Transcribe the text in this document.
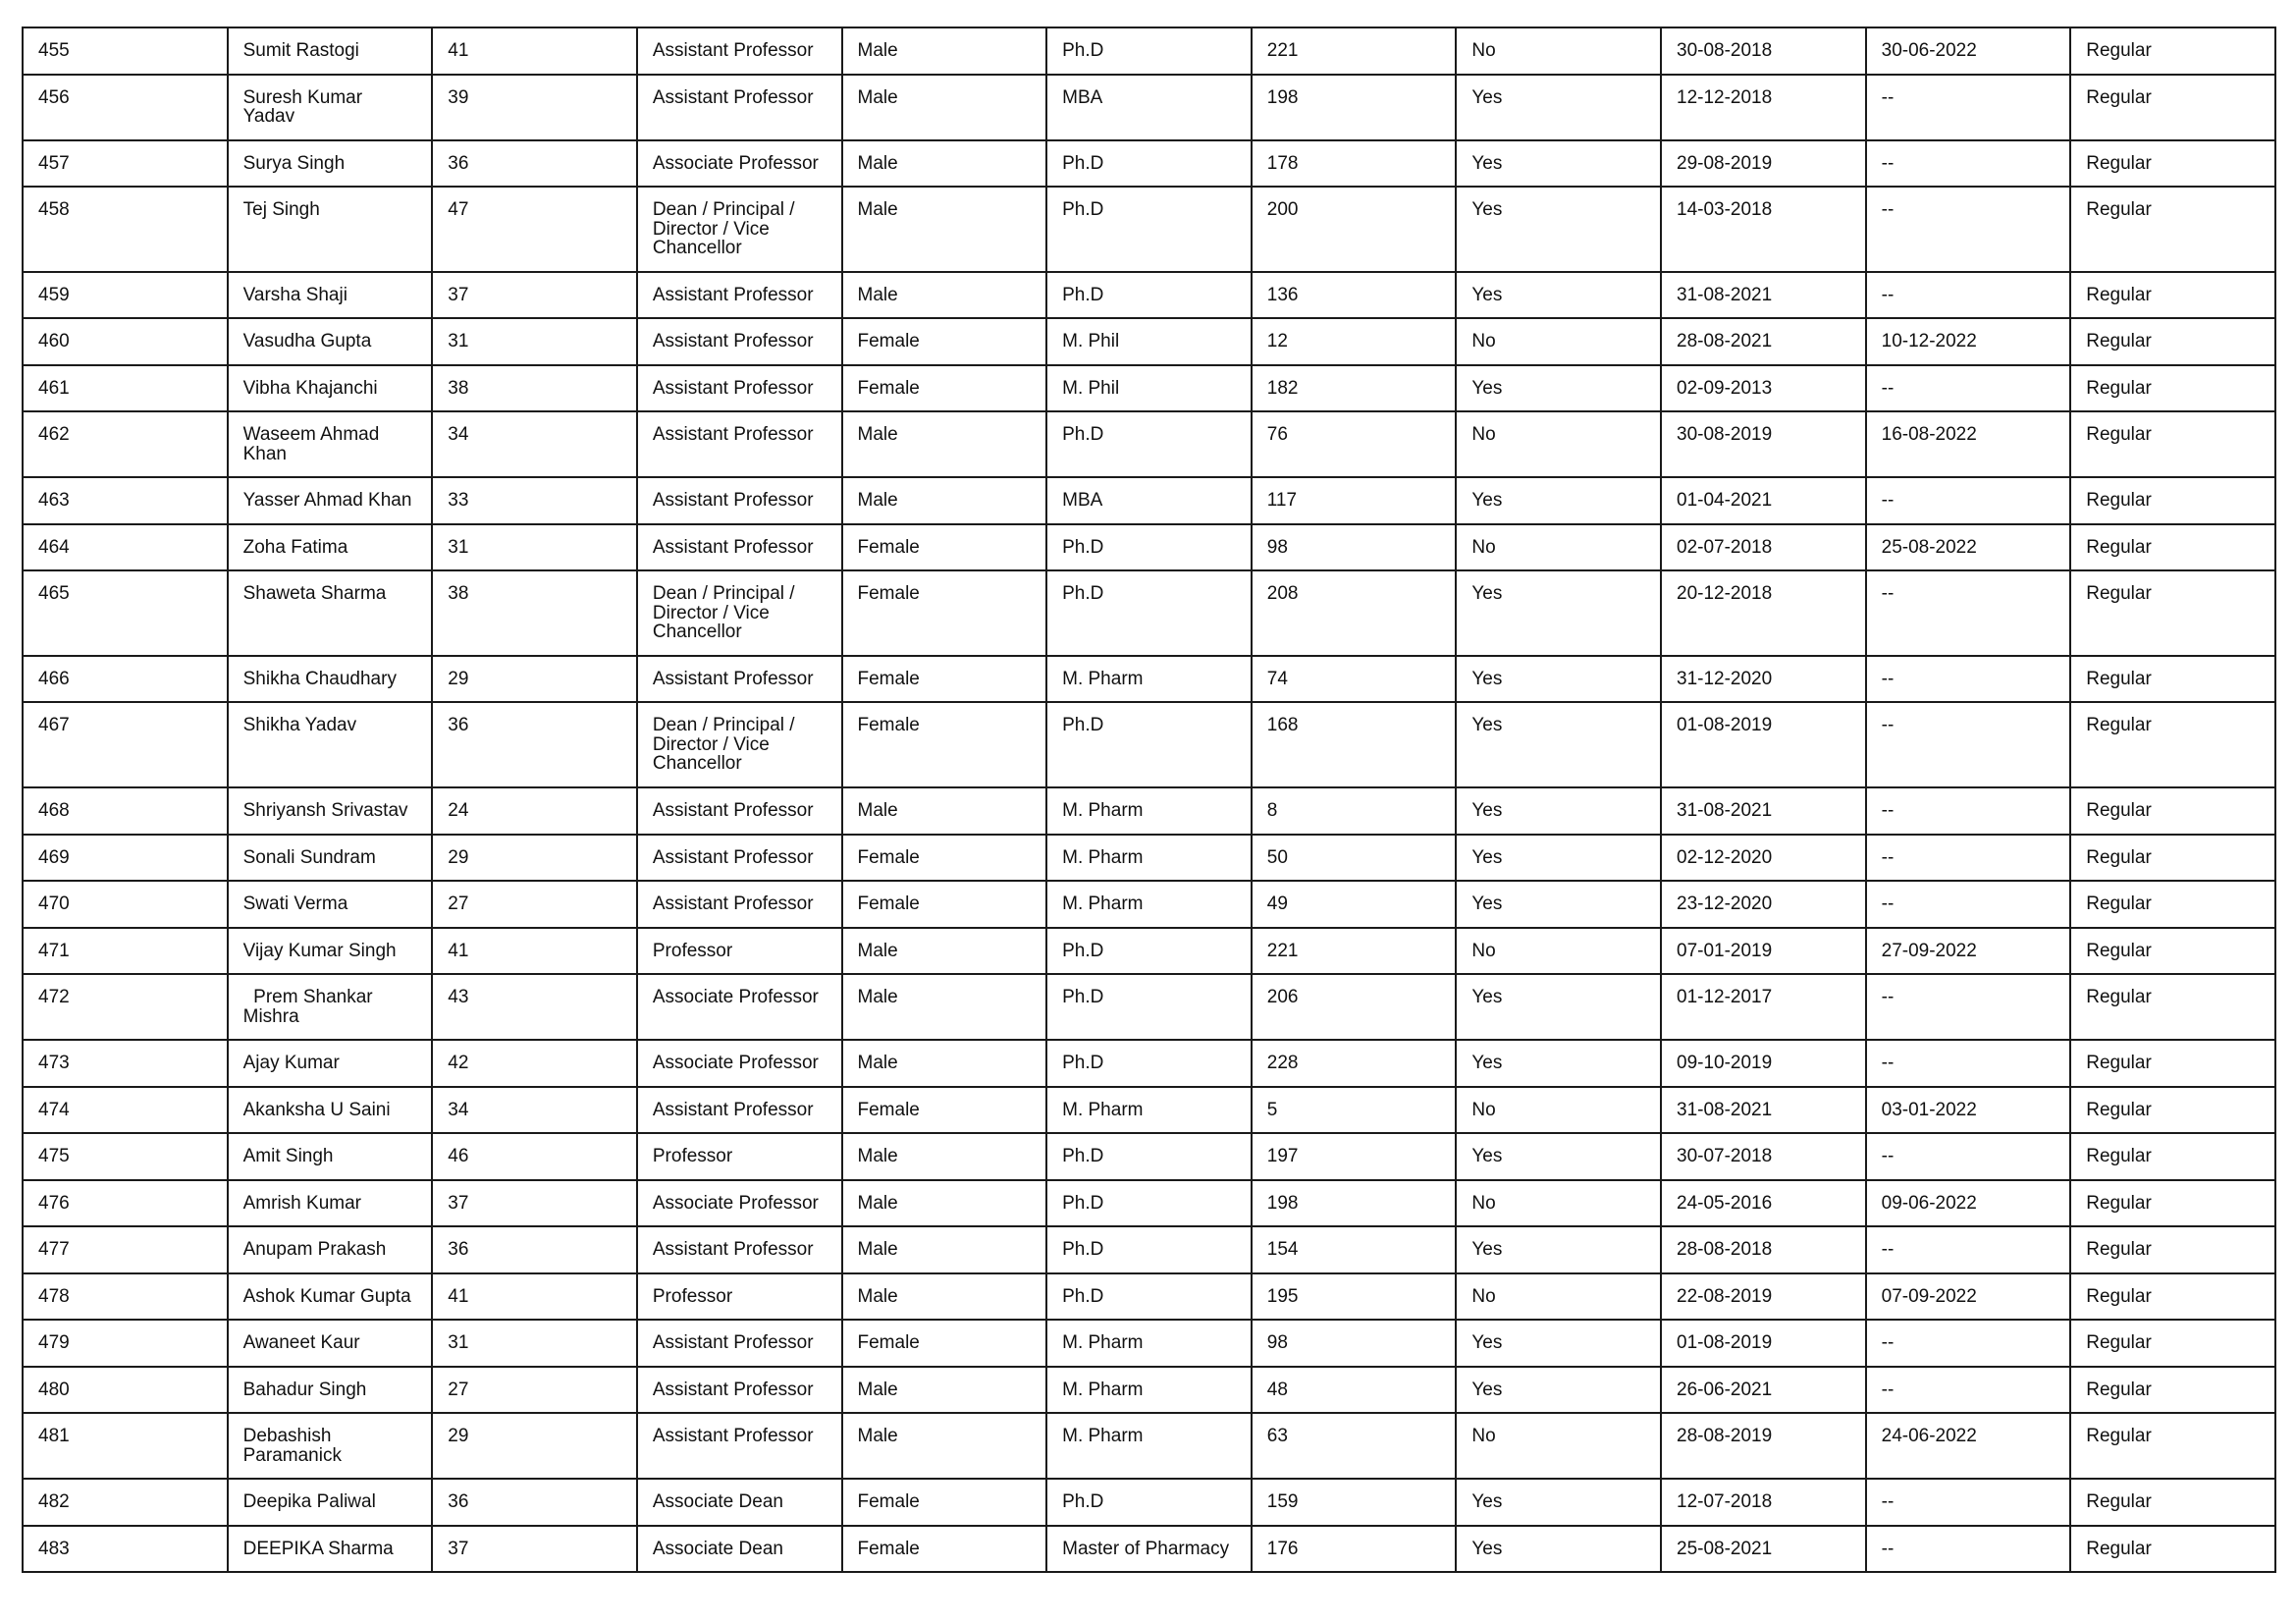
455	Sumit Rastogi	41	Assistant Professor	Male	Ph.D	221	No	30-08-2018	30-06-2022	Regular

456	Suresh Kumar
Yadav	39	Assistant Professor	Male	MBA	198	Yes	12-12-2018	--	Regular

457	Surya Singh	36	Associate Professor	Male	Ph.D	178	Yes	29-08-2019	--	Regular

458	Tej Singh	47	Dean / Principal /
Director / Vice
Chancellor	Male	Ph.D	200	Yes	14-03-2018	--	Regular

459	Varsha Shaji	37	Assistant Professor	Male	Ph.D	136	Yes	31-08-2021	--	Regular

460	Vasudha Gupta	31	Assistant Professor	Female	M. Phil	12	No	28-08-2021	10-12-2022	Regular

461	Vibha Khajanchi	38	Assistant Professor	Female	M. Phil	182	Yes	02-09-2013	--	Regular

462	Waseem Ahmad
Khan	34	Assistant Professor	Male	Ph.D	76	No	30-08-2019	16-08-2022	Regular

463	Yasser Ahmad Khan	33	Assistant Professor	Male	MBA	117	Yes	01-04-2021	--	Regular

464	Zoha Fatima	31	Assistant Professor	Female	Ph.D	98	No	02-07-2018	25-08-2022	Regular

465	Shaweta Sharma	38	Dean / Principal /
Director / Vice
Chancellor	Female	Ph.D	208	Yes	20-12-2018	--	Regular

466	Shikha Chaudhary	29	Assistant Professor	Female	M. Pharm	74	Yes	31-12-2020	--	Regular

467	Shikha Yadav	36	Dean / Principal /
Director / Vice
Chancellor	Female	Ph.D	168	Yes	01-08-2019	--	Regular

468	Shriyansh Srivastav	24	Assistant Professor	Male	M. Pharm	8	Yes	31-08-2021	--	Regular

469	Sonali Sundram	29	Assistant Professor	Female	M. Pharm	50	Yes	02-12-2020	--	Regular

470	Swati Verma	27	Assistant Professor	Female	M. Pharm	49	Yes	23-12-2020	--	Regular

471	Vijay Kumar Singh	41	Professor	Male	Ph.D	221	No	07-01-2019	27-09-2022	Regular

472	Prem Shankar
Mishra	43	Associate Professor	Male	Ph.D	206	Yes	01-12-2017	--	Regular

473	Ajay Kumar	42	Associate Professor	Male	Ph.D	228	Yes	09-10-2019	--	Regular

474	Akanksha U Saini	34	Assistant Professor	Female	M. Pharm	5	No	31-08-2021	03-01-2022	Regular

475	Amit Singh	46	Professor	Male	Ph.D	197	Yes	30-07-2018	--	Regular

476	Amrish Kumar	37	Associate Professor	Male	Ph.D	198	No	24-05-2016	09-06-2022	Regular

477	Anupam Prakash	36	Assistant Professor	Male	Ph.D	154	Yes	28-08-2018	--	Regular

478	Ashok Kumar Gupta	41	Professor	Male	Ph.D	195	No	22-08-2019	07-09-2022	Regular

479	Awaneet Kaur	31	Assistant Professor	Female	M. Pharm	98	Yes	01-08-2019	--	Regular

480	Bahadur Singh	27	Assistant Professor	Male	M. Pharm	48	Yes	26-06-2021	--	Regular

481	Debashish
Paramanick	29	Assistant Professor	Male	M. Pharm	63	No	28-08-2019	24-06-2022	Regular

482	Deepika Paliwal	36	Associate Dean	Female	Ph.D	159	Yes	12-07-2018	--	Regular

483	DEEPIKA Sharma	37	Associate Dean	Female	Master of Pharmacy	176	Yes	25-08-2021	--	Regular
